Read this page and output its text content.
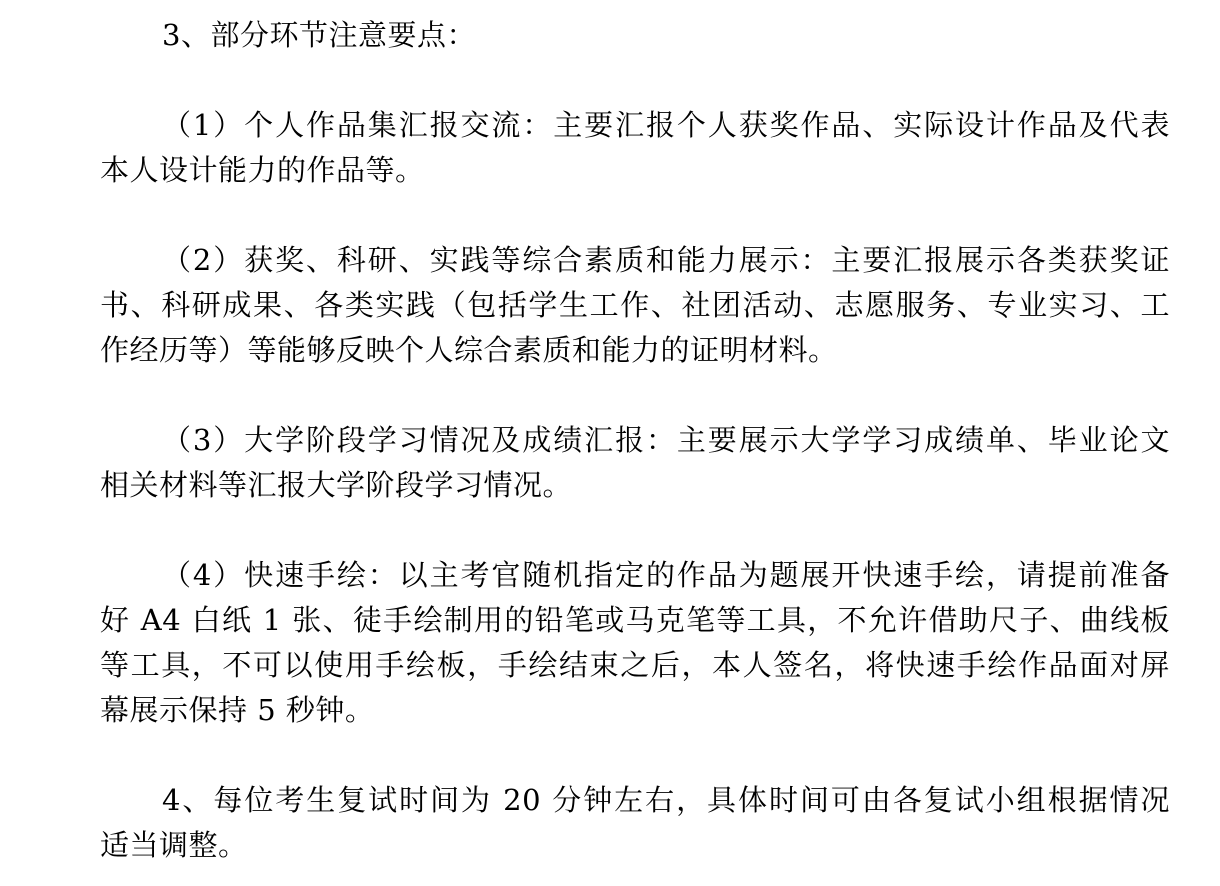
3、部分环节注意要点：

（1）个人作品集汇报交流：主要汇报个人获奖作品、实际设计作品及代表

本人设计能力的作品等。

（2）获奖、科研、实践等综合素质和能力展示：主要汇报展示各类获奖证

书、科研成果、各类实践（包括学生工作、社团活动、志愿服务、专业实习、工

作经历等）等能够反映个人综合素质和能力的证明材料。

（3）大学阶段学习情况及成绩汇报：主要展示大学学习成绩单、毕业论文

相关材料等汇报大学阶段学习情况。

（4）快速手绘：以主考官随机指定的作品为题展开快速手绘，请提前准备

好 A4 白纸 1 张、徒手绘制用的铅笔或马克笔等工具，不允许借助尺子、曲线板

等工具，不可以使用手绘板，手绘结束之后，本人签名，将快速手绘作品面对屏

幕展示保持 5 秒钟。

4、每位考生复试时间为 20 分钟左右，具体时间可由各复试小组根据情况

适当调整。
